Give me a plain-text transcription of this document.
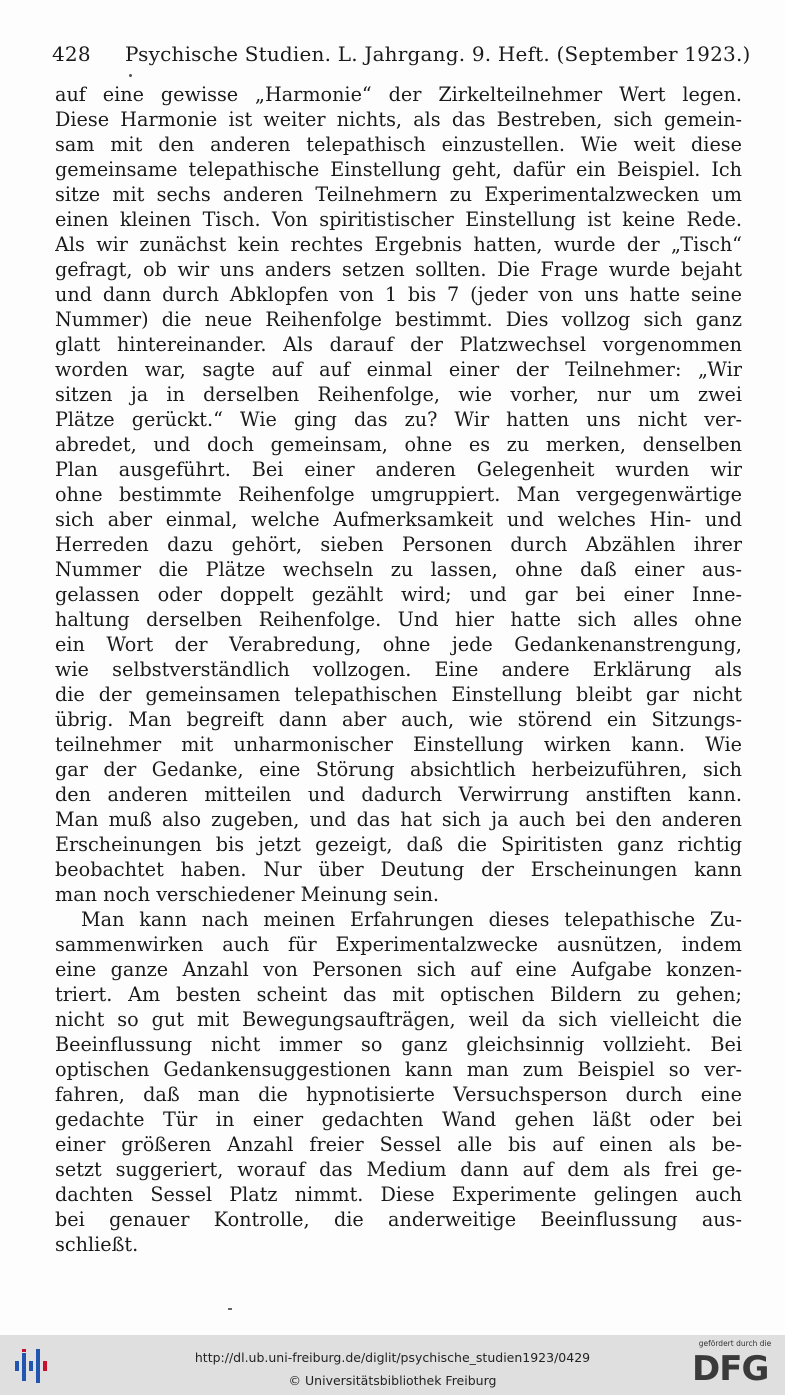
428 Psychische Studien. L. Jahrgang. 9. Heft. (September 1923.)
auf eine gewisse „Harmonie“ der Zirkelteilnehmer Wert legen.
Diese Harmonie ist weiter nichts, als das Bestreben, sich gemein-
sam mit den anderen telepathisch einzustellen. Wie weit diese
gemeinsame telepathische Einstellung geht, dafür ein Beispiel. Ich
sitze mit sechs anderen Teilnehmern zu Experimentalzwecken um
einen kleinen Tisch. Von spiritistischer Einstellung ist keine Rede.
Als wir zunächst kein rechtes Ergebnis hatten, wurde der „Tisch“
gefragt, ob wir uns anders setzen sollten. Die Frage wurde bejaht
und dann durch Abklopfen von 1 bis 7 (jeder von uns hatte seine
Nummer) die neue Reihenfolge bestimmt. Dies vollzog sich ganz
glatt hintereinander. Als darauf der Platzwechsel vorgenommen
worden war, sagte auf auf einmal einer der Teilnehmer: „Wir
sitzen ja in derselben Reihenfolge, wie vorher, nur um zwei
Plätze gerückt.“ Wie ging das zu? Wir hatten uns nicht ver-
abredet, und doch gemeinsam, ohne es zu merken, denselben
Plan ausgeführt. Bei einer anderen Gelegenheit wurden wir
ohne bestimmte Reihenfolge umgruppiert. Man vergegenwärtige
sich aber einmal, welche Aufmerksamkeit und welches Hin- und
Herreden dazu gehört, sieben Personen durch Abzählen ihrer
Nummer die Plätze wechseln zu lassen, ohne daß einer aus-
gelassen oder doppelt gezählt wird; und gar bei einer Inne-
haltung derselben Reihenfolge. Und hier hatte sich alles ohne
ein Wort der Verabredung, ohne jede Gedankenanstrengung,
wie selbstverständlich vollzogen. Eine andere Erklärung als
die der gemeinsamen telepathischen Einstellung bleibt gar nicht
übrig. Man begreift dann aber auch, wie störend ein Sitzungs-
teilnehmer mit unharmonischer Einstellung wirken kann. Wie
gar der Gedanke, eine Störung absichtlich herbeizuführen, sich
den anderen mitteilen und dadurch Verwirrung anstiften kann.
Man muß also zugeben, und das hat sich ja auch bei den anderen
Erscheinungen bis jetzt gezeigt, daß die Spiritisten ganz richtig
beobachtet haben. Nur über Deutung der Erscheinungen kann
man noch verschiedener Meinung sein.
Man kann nach meinen Erfahrungen dieses telepathische Zu-
sammenwirken auch für Experimentalzwecke ausnützen, indem
eine ganze Anzahl von Personen sich auf eine Aufgabe konzen-
triert. Am besten scheint das mit optischen Bildern zu gehen;
nicht so gut mit Bewegungsaufträgen, weil da sich vielleicht die
Beeinflussung nicht immer so ganz gleichsinnig vollzieht. Bei
optischen Gedankensuggestionen kann man zum Beispiel so ver-
fahren, daß man die hypnotisierte Versuchsperson durch eine
gedachte Tür in einer gedachten Wand gehen läßt oder bei
einer größeren Anzahl freier Sessel alle bis auf einen als be-
setzt suggeriert, worauf das Medium dann auf dem als frei ge-
dachten Sessel Platz nimmt. Diese Experimente gelingen auch
bei genauer Kontrolle, die anderweitige Beeinflussung aus-
schließt.
http://dl.ub.uni-freiburg.de/diglit/psychische_studien1923/0429
© Universitätsbibliothek Freiburg
gefördert durch die
DFG
